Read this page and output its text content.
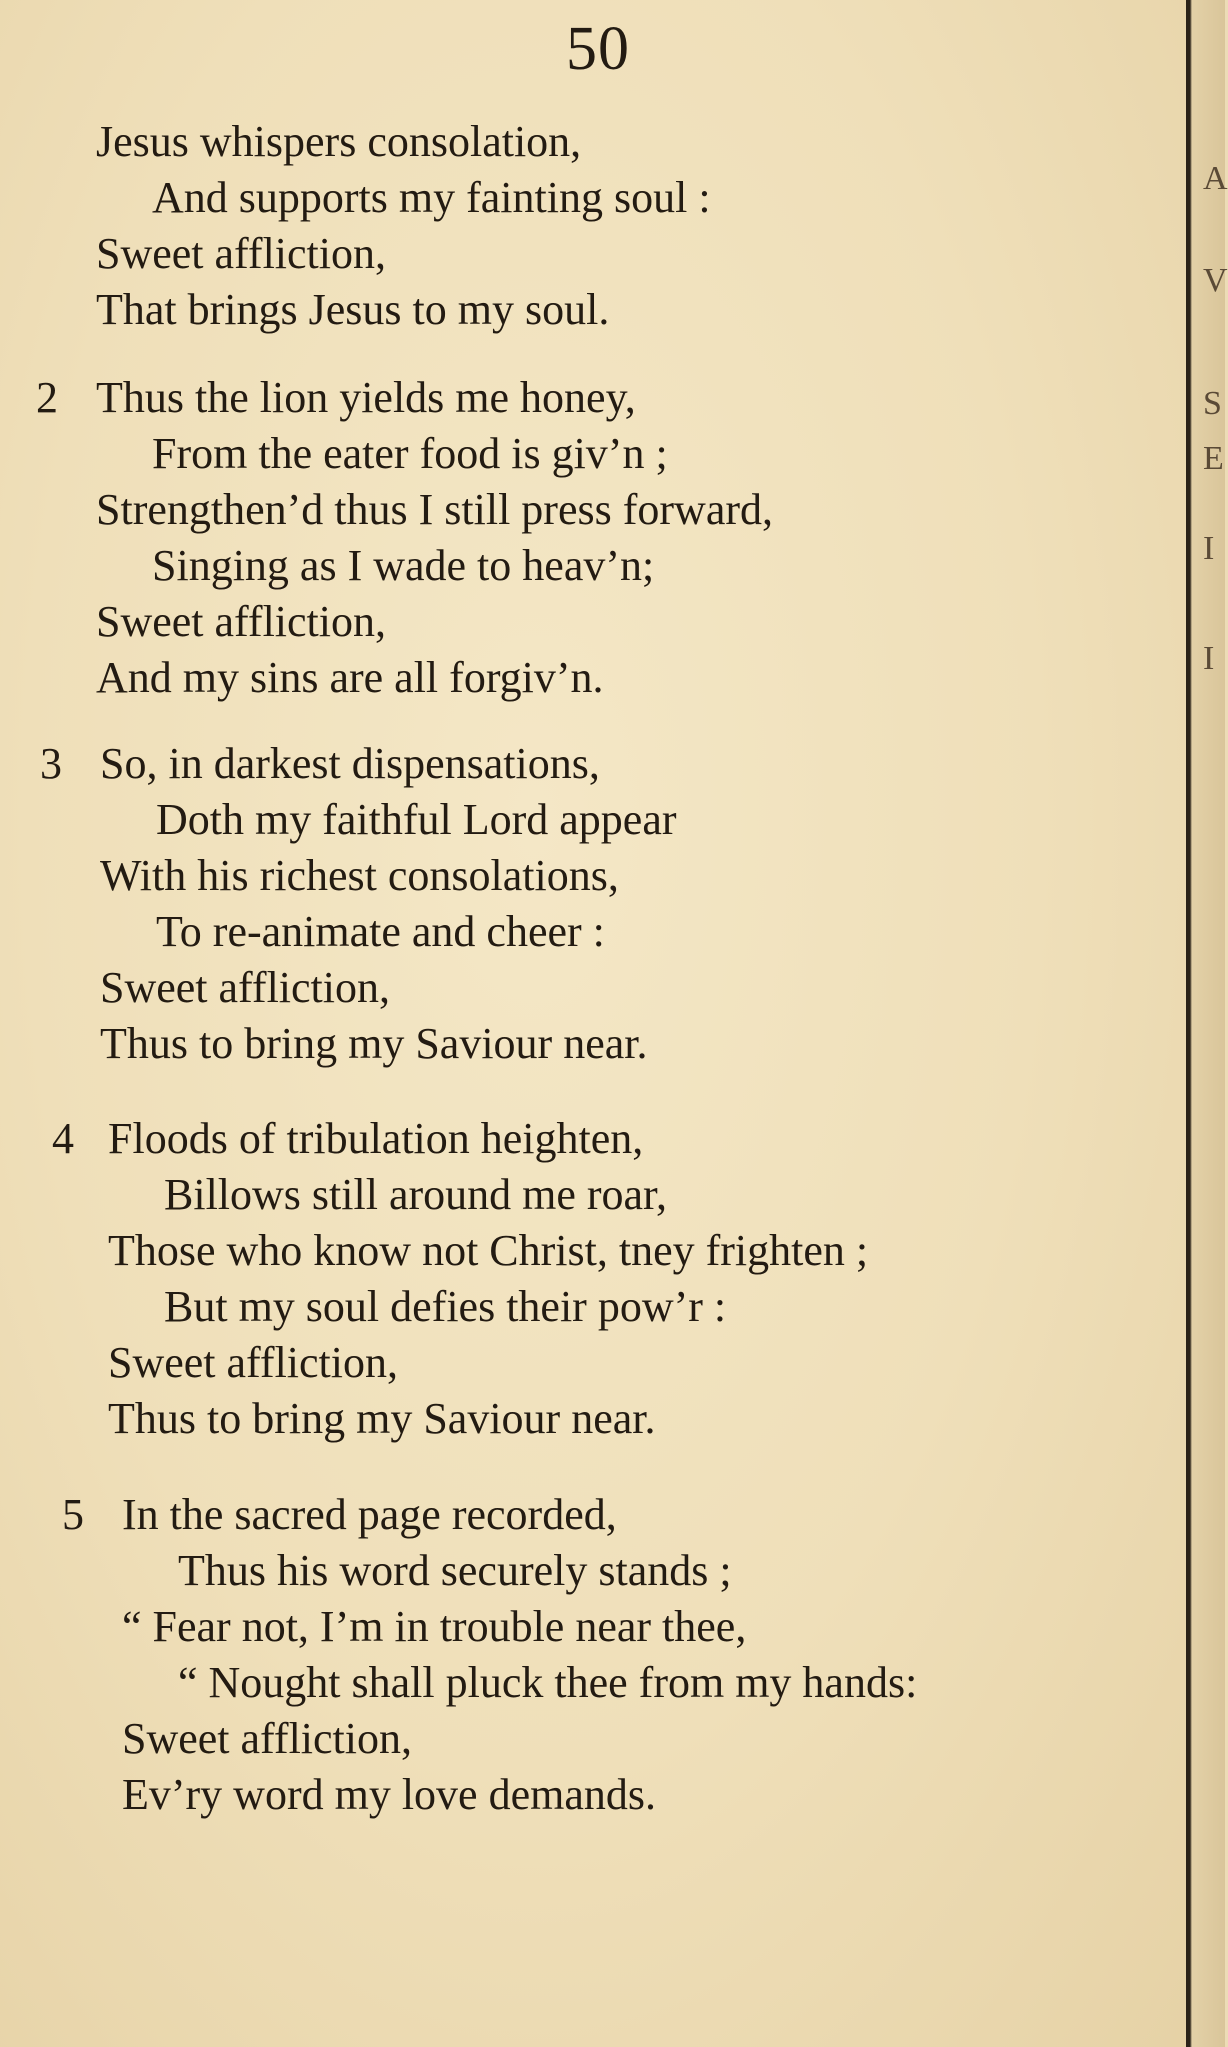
50
Jesus whispers consolation,
And supports my fainting soul :
Sweet affliction,
That brings Jesus to my soul.
2 Thus the lion yields me honey,
From the eater food is giv’n ;
Strengthen’d thus I still press forward,
Singing as I wade to heav’n;
Sweet affliction,
And my sins are all forgiv’n.
3 So, in darkest dispensations,
Doth my faithful Lord appear
With his richest consolations,
To re-animate and cheer :
Sweet affliction,
Thus to bring my Saviour near.
4 Floods of tribulation heighten,
Billows still around me roar,
Those who know not Christ, tney frighten ;
But my soul defies their pow’r :
Sweet affliction,
Thus to bring my Saviour near.
5 In the sacred page recorded,
Thus his word securely stands ;
“ Fear not, I’m in trouble near thee,
“ Nought shall pluck thee from my hands:
Sweet affliction,
Ev’ry word my love demands.
A
V
S
E
I
I
